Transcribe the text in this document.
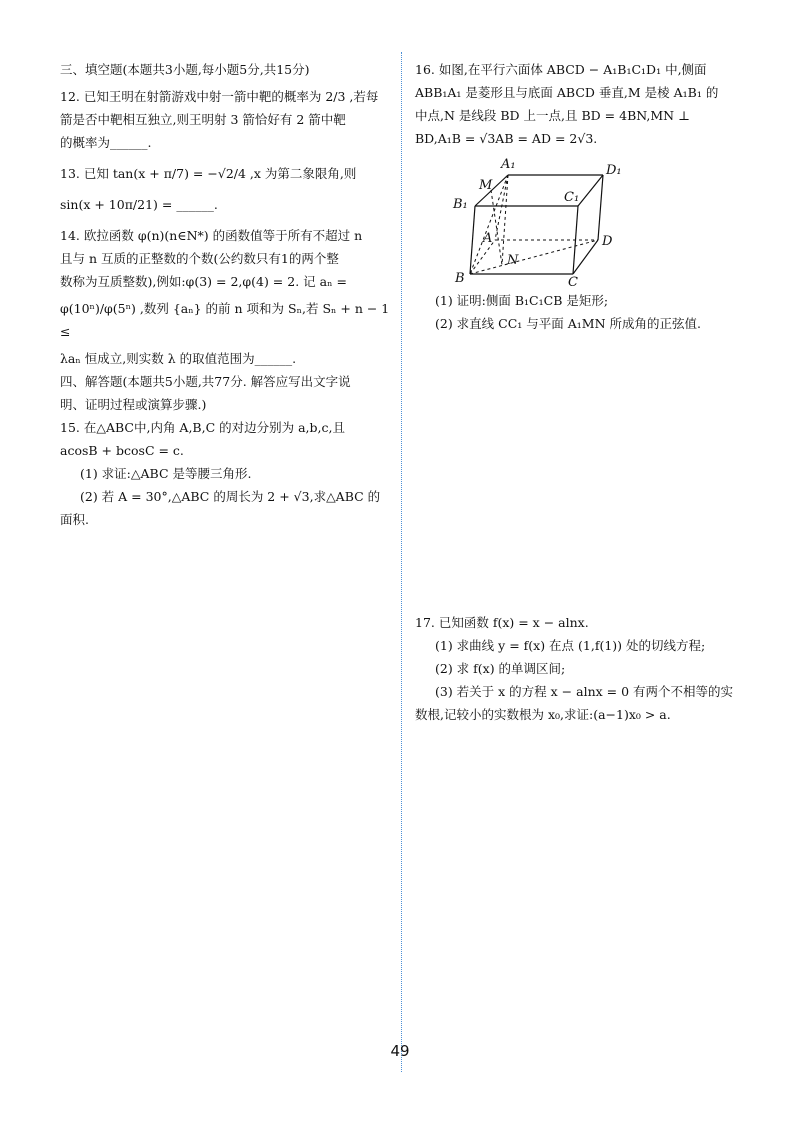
三、填空题(本题共3小题,每小题5分,共15分)

12. 已知王明在射箭游戏中射一箭中靶的概率为 2/3 ,若每

箭是否中靶相互独立,则王明射 3 箭恰好有 2 箭中靶

的概率为______.

13. 已知 tan(x + π/7) = −√2/4 ,x 为第二象限角,则

sin(x + 10π/21) = ______.

14. 欧拉函数 φ(n)(n∈N*) 的函数值等于所有不超过 n

且与 n 互质的正整数的个数(公约数只有1的两个整

数称为互质整数),例如:φ(3) = 2,φ(4) = 2. 记 aₙ =

φ(10ⁿ)/φ(5ⁿ) ,数列 {aₙ} 的前 n 项和为 Sₙ,若 Sₙ + n − 1 ≤

λaₙ 恒成立,则实数 λ 的取值范围为______.

四、解答题(本题共5小题,共77分. 解答应写出文字说

明、证明过程或演算步骤.)

15. 在△ABC中,内角 A,B,C 的对边分别为 a,b,c,且

acosB + bcosC = c.

(1) 求证:△ABC 是等腰三角形.

(2) 若 A = 30°,△ABC 的周长为 2 + √3,求△ABC 的

面积.

16. 如图,在平行六面体 ABCD − A₁B₁C₁D₁ 中,侧面

ABB₁A₁ 是菱形且与底面 ABCD 垂直,M 是棱 A₁B₁ 的

中点,N 是线段 BD 上一点,且 BD = 4BN,MN ⊥

BD,A₁B = √3AB = AD = 2√3.

A₁	D₁
M
C₁
B₁
A
N
D
B	C

(1) 证明:侧面 B₁C₁CB 是矩形;

(2) 求直线 CC₁ 与平面 A₁MN 所成角的正弦值.

17. 已知函数 f(x) = x − alnx.

(1) 求曲线 y = f(x) 在点 (1,f(1)) 处的切线方程;

(2) 求 f(x) 的单调区间;

(3) 若关于 x 的方程 x − alnx = 0 有两个不相等的实

数根,记较小的实数根为 x₀,求证:(a−1)x₀ > a.

49
